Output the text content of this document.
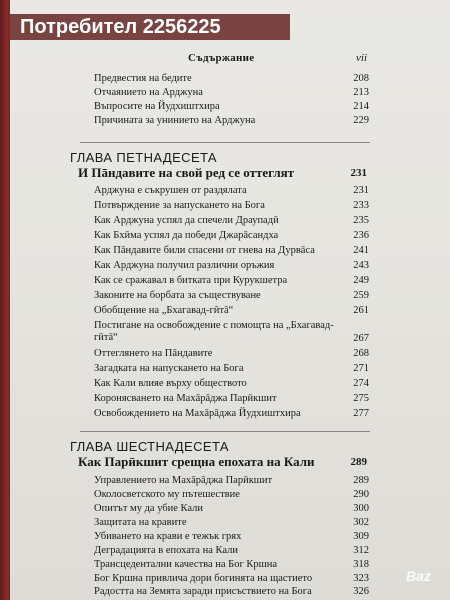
Потребител 2256225
Съдържание	vii
Предвестия на бедите	208
Отчаянието на Арджуна	213
Въпросите на Йудхиштхира	214
Причината за унинието на Арджуна	229
ГЛАВА ПЕТНАДЕСЕТА
И Пāндавите на свой ред се оттеглят	231
Арджуна е съкрушен от раздялата	231
Потвърждение за напускането на Бога	233
Как Арджуна успял да спечели Драупадӣ	235
Как Бхӣма успял да победи Джарāсандха	236
Как Пāндавите били спасени от гнева на Дурвāса	241
Как Арджуна получил различни оръжия	243
Как се сражавал в битката при Курукшетра	249
Законите на борбата за съществуване	259
Обобщение на „Бхагавад-гӣтā“	261
Постигане на освобождение с помощта на „Бхагавад-гӣтā“	267
Оттеглянето на Пāндавите	268
Загадката на напускането на Бога	271
Как Кали влияе върху обществото	274
Коронясването на Махāрāджа Парӣкшит	275
Освобождението на Махāрāджа Йудхиштхира	277
ГЛАВА ШЕСТНАДЕСЕТА
Как Парӣкшит срещна епохата на Кали	289
Управлението на Махāрāджа Парӣкшит	289
Околосветското му пътешествие	290
Опитът му да убие Кали	300
Защитата на кравите	302
Убиването на крави е тежък грях	309
Деградацията в епохата на Кали	312
Трансцедентални качества на Бог Кршна	318
Бог Кршна привлича дори богинята на щастието	323
Радостта на Земята заради присъствието на Бога	326
Baz
